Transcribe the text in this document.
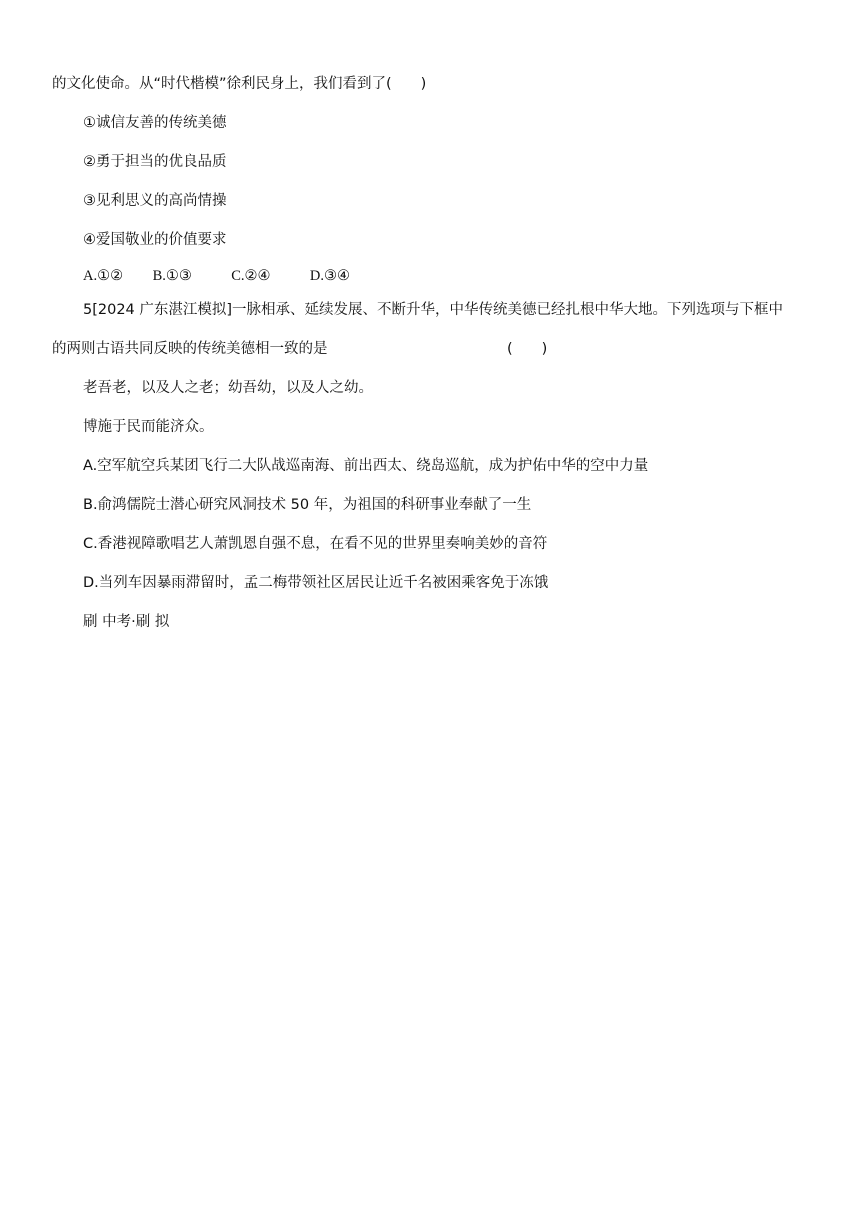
的文化使命。从“时代楷模”徐利民身上，我们看到了(　　)
①诚信友善的传统美德
②勇于担当的优良品质
③见利思义的高尚情操
④爱国敬业的价值要求
A.①② B.①③	C.②④	D.③④
5[2024 广东湛江模拟]一脉相承、延续发展、不断升华，中华传统美德已经扎根中华大地。下列选项与下框中
的两则古语共同反映的传统美德相一致的是	(　　)
老吾老，以及人之老；幼吾幼，以及人之幼。
博施于民而能济众。
A.空军航空兵某团飞行二大队战巡南海、前出西太、绕岛巡航，成为护佑中华的空中力量
B.俞鸿儒院士潜心研究风洞技术 50 年，为祖国的科研事业奉献了一生
C.香港视障歌唱艺人萧凯恩自强不息，在看不见的世界里奏响美妙的音符
D.当列车因暴雨滞留时，孟二梅带领社区居民让近千名被困乘客免于冻饿
刷 中考·刷 拟
